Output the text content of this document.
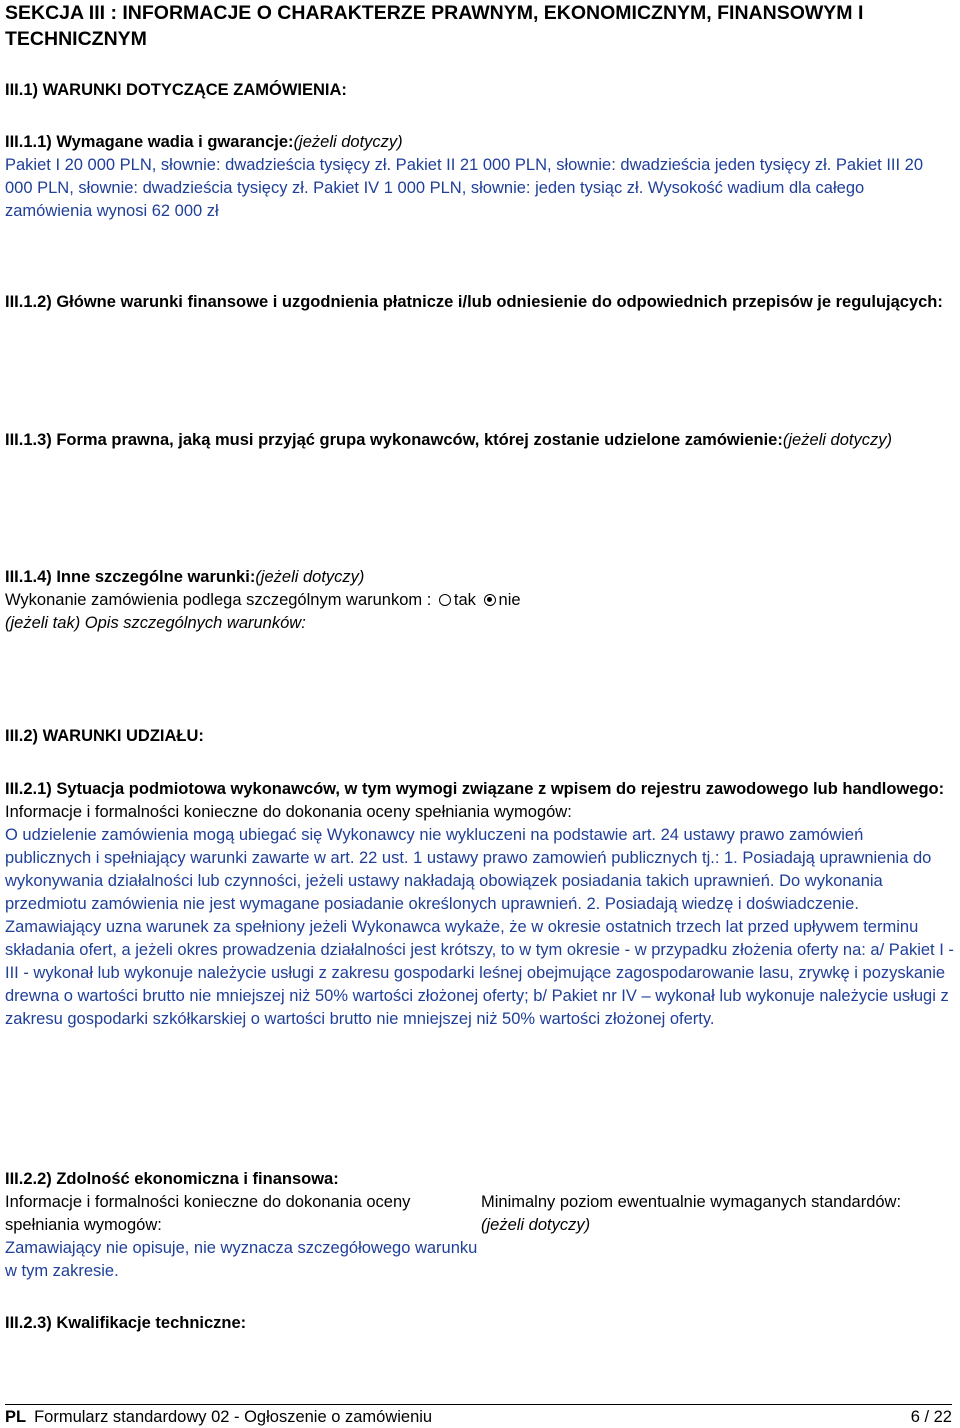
SEKCJA III : INFORMACJE O CHARAKTERZE PRAWNYM, EKONOMICZNYM, FINANSOWYM I TECHNICZNYM
III.1) WARUNKI DOTYCZĄCE ZAMÓWIENIA:
III.1.1) Wymagane wadia i gwarancje:(jeżeli dotyczy)
Pakiet I 20 000 PLN, słownie: dwadzieścia tysięcy zł. Pakiet II 21 000 PLN, słownie: dwadzieścia jeden tysięcy zł. Pakiet III 20 000 PLN, słownie: dwadzieścia tysięcy zł. Pakiet IV 1 000 PLN, słownie: jeden tysiąc zł. Wysokość wadium dla całego zamówienia wynosi 62 000 zł
III.1.2) Główne warunki finansowe i uzgodnienia płatnicze i/lub odniesienie do odpowiednich przepisów je regulujących:
III.1.3) Forma prawna, jaką musi przyjąć grupa wykonawców, której zostanie udzielone zamówienie:(jeżeli dotyczy)
III.1.4) Inne szczególne warunki:(jeżeli dotyczy)
Wykonanie zamówienia podlega szczególnym warunkom : tak nie
(jeżeli tak) Opis szczególnych warunków:
III.2) WARUNKI UDZIAŁU:
III.2.1) Sytuacja podmiotowa wykonawców, w tym wymogi związane z wpisem do rejestru zawodowego lub handlowego:
Informacje i formalności konieczne do dokonania oceny spełniania wymogów:
O udzielenie zamówienia mogą ubiegać się Wykonawcy nie wykluczeni na podstawie art. 24 ustawy prawo zamówień publicznych i spełniający warunki zawarte w art. 22 ust. 1 ustawy prawo zamowień publicznych tj.: 1. Posiadają uprawnienia do wykonywania działalności lub czynności, jeżeli ustawy nakładają obowiązek posiadania takich uprawnień. Do wykonania przedmiotu zamówienia nie jest wymagane posiadanie określonych uprawnień. 2. Posiadają wiedzę i doświadczenie. Zamawiający uzna warunek za spełniony jeżeli Wykonawca wykaże, że w okresie ostatnich trzech lat przed upływem terminu składania ofert, a jeżeli okres prowadzenia działalności jest krótszy, to w tym okresie - w przypadku złożenia oferty na: a/ Pakiet I -III - wykonał lub wykonuje należycie usługi z zakresu gospodarki leśnej obejmujące zagospodarowanie lasu, zrywkę i pozyskanie drewna o wartości brutto nie mniejszej niż 50% wartości złożonej oferty; b/ Pakiet nr IV – wykonał lub wykonuje należycie usługi z zakresu gospodarki szkółkarskiej o wartości brutto nie mniejszej niż 50% wartości złożonej oferty.
III.2.2) Zdolność ekonomiczna i finansowa:
Informacje i formalności konieczne do dokonania oceny spełniania wymogów:
Zamawiający nie opisuje, nie wyznacza szczegółowego warunku w tym zakresie.
Minimalny poziom ewentualnie wymaganych standardów: (jeżeli dotyczy)
III.2.3) Kwalifikacje techniczne:
PL Formularz standardowy 02 - Ogłoszenie o zamówieniu	6 / 22
